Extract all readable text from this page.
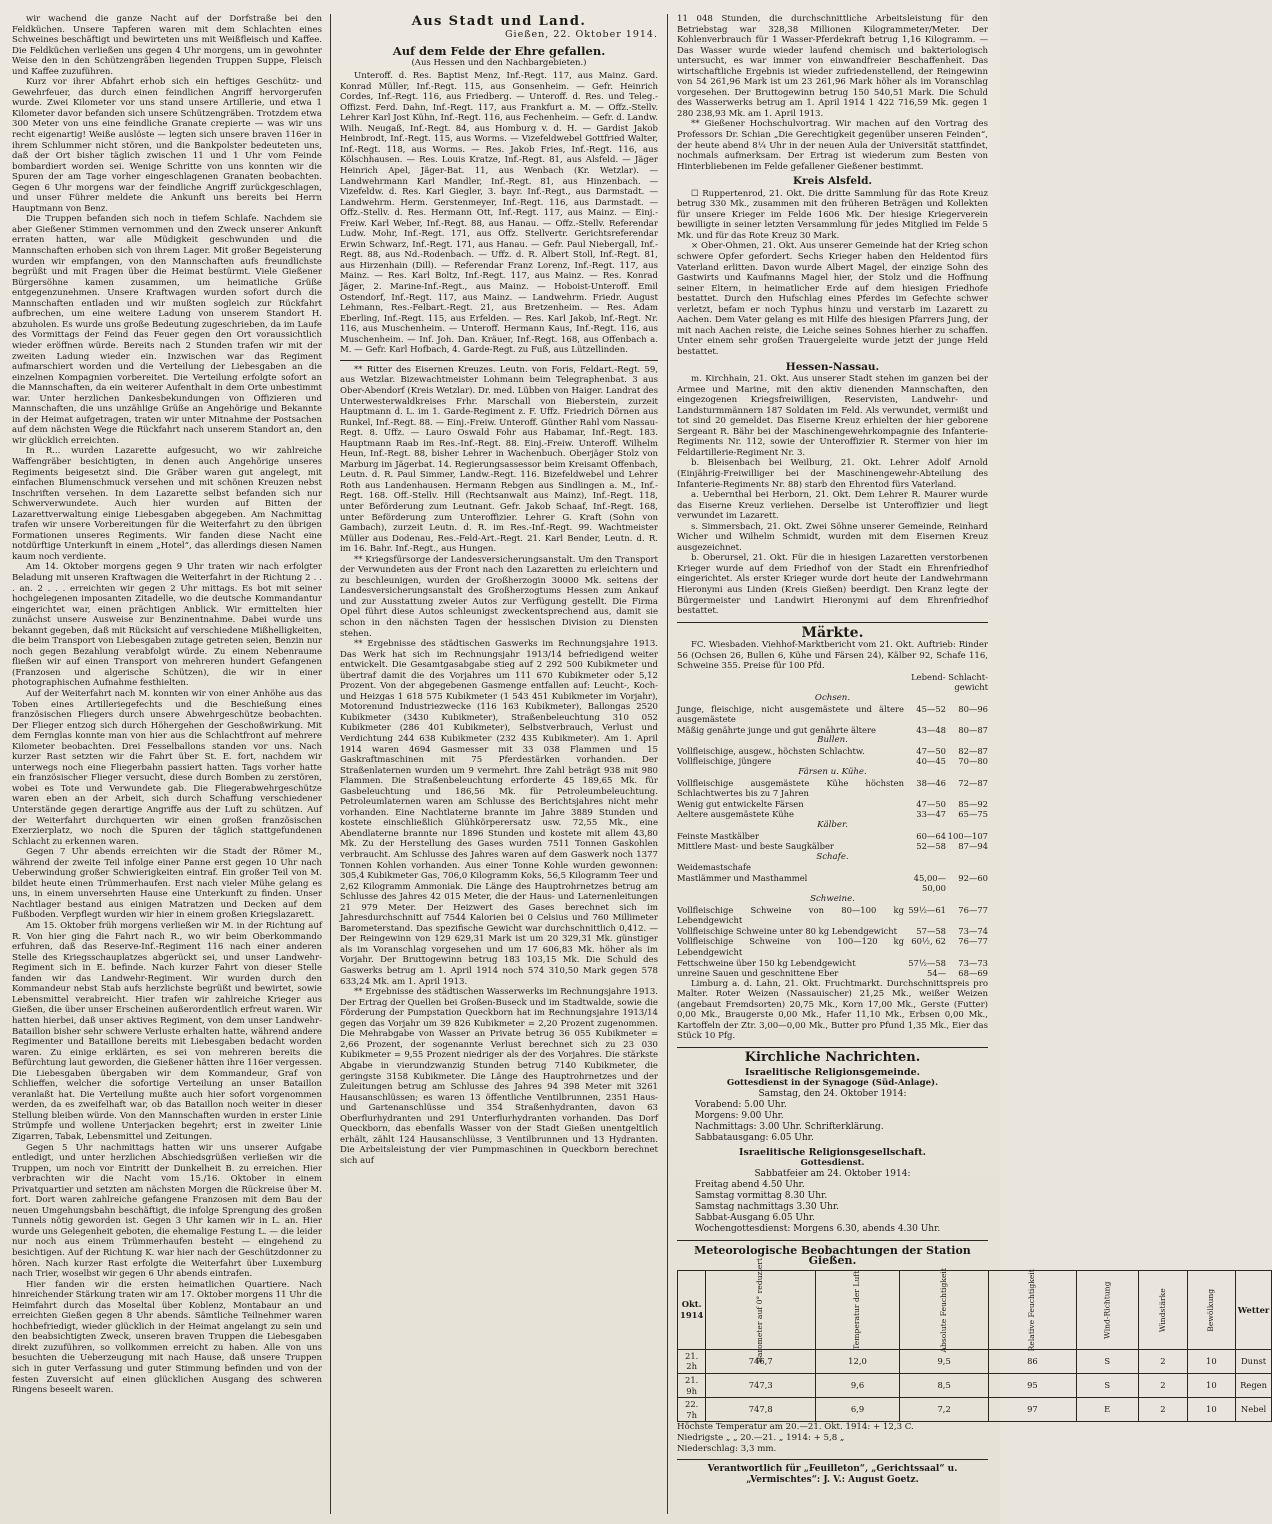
wir wachend die ganze Nacht auf der Dorfstraße bei den Feldküchen. Unsere Tapferen waren mit dem Schlachten eines Schweines beschäftigt und bewirteten uns mit Weißfleisch und Kaffee. Die Feldküchen verließen uns gegen 4 Uhr morgens, um in gewohnter Weise den in den Schützengräben liegenden Truppen Suppe, Fleisch und Kaffee zuzuführen.

Kurz vor ihrer Abfahrt erhob sich ein heftiges Geschütz- und Gewehrfeuer, das durch einen feindlichen Angriff hervorgerufen wurde. Zwei Kilometer vor uns stand unsere Artillerie, und etwa 1 Kilometer davor befanden sich unsere Schützengräben. Trotzdem etwa 300 Meter von uns eine feindliche Granate crepierte — was wir uns recht eigenartig! Weiße auslöste — legten sich unsere braven 116er in ihrem Schlummer nicht stören, und die Bankpolster bedeuteten uns, daß der Ort bisher täglich zwischen 11 und 1 Uhr vom Feinde bombardiert worden sei. Wenige Schritte von uns konnten wir die Spuren der am Tage vorher eingeschlagenen Granaten beobachten. Gegen 6 Uhr morgens war der feindliche Angriff zurückgeschlagen, und unser Führer meldete die Ankunft uns bereits bei Herrn Hauptmann von Benz.

Die Truppen befanden sich noch in tiefem Schlafe. Nachdem sie aber Gießener Stimmen vernommen und den Zweck unserer Ankunft erraten hatten, war alle Müdigkeit geschwunden und die Mannschaften erhoben sich von ihrem Lager. Mit großer Begeisterung wurden wir empfangen, von den Mannschaften aufs freundlichste begrüßt und mit Fragen über die Heimat bestürmt. Viele Gießener Bürgersöhne kamen zusammen, um heimatliche Grüße entgegenzunehmen. Unsere Kraftwagen wurden sofort durch die Mannschaften entladen und wir mußten sogleich zur Rückfahrt aufbrechen, um eine weitere Ladung von unserem Standort H. abzuholen. Es wurde uns große Bedeutung zugeschrieben, da im Laufe des Vormittags der Feind das Feuer gegen den Ort voraussichtlich wieder eröffnen würde. Bereits nach 2 Stunden trafen wir mit der zweiten Ladung wieder ein. Inzwischen war das Regiment aufmarschiert worden und die Verteilung der Liebesgaben an die einzelnen Kompagnien vorbereitet. Die Verteilung erfolgte sofort an die Mannschaften, da ein weiterer Aufenthalt in dem Orte unbestimmt war. Unter herzlichen Dankesbekundungen von Offizieren und Mannschaften, die uns unzählige Grüße an Angehörige und Bekannte in der Heimat aufgetragen, traten wir unter Mitnahme der Postsachen auf dem nächsten Wege die Rückfahrt nach unserem Standort an, den wir glücklich erreichten.

In R... wurden Lazarette aufgesucht, wo wir zahlreiche Waffengräber besichtigten, in denen auch Angehörige unseres Regiments beigesetzt sind. Die Gräber waren gut angelegt, mit einfachen Blumenschmuck versehen und mit schönen Kreuzen nebst Inschriften versehen. In dem Lazarette selbst befanden sich nur Schwerverwundete. Auch hier wurden auf Bitten der Lazarettverwaltung einige Liebesgaben abgegeben. Am Nachmittag trafen wir unsere Vorbereitungen für die Weiterfahrt zu den übrigen Formationen unseres Regiments. Wir fanden diese Nacht eine notdürftige Unterkunft in einem „Hotel“, das allerdings diesen Namen kaum noch verdiente.

Am 14. Oktober morgens gegen 9 Uhr traten wir nach erfolgter Beladung mit unseren Kraftwagen die Weiterfahrt in der Richtung 2 . . . an. 2 . . . erreichten wir gegen 2 Uhr mittags. Es bot mit seiner hochgelegenen imposanten Zitadelle, wo die deutsche Kommandantur eingerichtet war, einen prächtigen Anblick. Wir ermittelten hier zunächst unsere Ausweise zur Benzinentnahme. Dabei wurde uns bekannt gegeben, daß mit Rücksicht auf verschiedene Mißhelligkeiten, die beim Transport von Liebesgaben zutage getreten seien, Benzin nur noch gegen Bezahlung verabfolgt würde. Zu einem Nebenraume fließen wir auf einen Transport von mehreren hundert Gefangenen (Franzosen und algerische Schützen), die wir in einer photographischen Aufnahme festhielten.

Auf der Weiterfahrt nach M. konnten wir von einer Anhöhe aus das Toben eines Artilleriegefechts und die Beschießung eines französischen Fliegers durch unsere Abwehrgeschütze beobachten. Der Flieger entzog sich durch Höhergehen der Geschoßwirkung. Mit dem Fernglas konnte man von hier aus die Schlachtfront auf mehrere Kilometer beobachten. Drei Fesselballons standen vor uns. Nach kurzer Rast setzten wir die Fahrt über St. E. fort, nachdem wir unterwegs noch eine Fliegerbahn passiert hatten. Tags vorher hatte ein französischer Flieger versucht, diese durch Bomben zu zerstören, wobei es Tote und Verwundete gab. Die Fliegerabwehrgeschütze waren eben an der Arbeit, sich durch Schaffung verschiedener Unterstände gegen derartige Angriffe aus der Luft zu schützen. Auf der Weiterfahrt durchquerten wir einen großen französischen Exerzierplatz, wo noch die Spuren der täglich stattgefundenen Schlacht zu erkennen waren.

Gegen 7 Uhr abends erreichten wir die Stadt der Römer M., während der zweite Teil infolge einer Panne erst gegen 10 Uhr nach Ueberwindung großer Schwierigkeiten eintraf. Ein großer Teil von M. bildet heute einen Trümmerhaufen. Erst nach vieler Mühe gelang es uns, in einem unversehrten Hause eine Unterkunft zu finden. Unser Nachtlager bestand aus einigen Matratzen und Decken auf dem Fußboden. Verpflegt wurden wir hier in einem großen Kriegslazarett.

Am 15. Oktober früh morgens verließen wir M. in der Richtung auf R. Von hier ging die Fahrt nach R., wo wir beim Oberkommando erfuhren, daß das Reserve-Inf.-Regiment 116 nach einer anderen Stelle des Kriegsschauplatzes abgerückt sei, und unser Landwehr-Regiment sich in E. befinde. Nach kurzer Fahrt von dieser Stelle fanden wir das Landwehr-Regiment. Wir wurden durch den Kommandeur nebst Stab aufs herzlichste begrüßt und bewirtet, sowie Lebensmittel verabreicht. Hier trafen wir zahlreiche Krieger aus Gießen, die über unser Erscheinen außerordentlich erfreut waren. Wir hatten hierbei, daß unser aktives Regiment, von dem unser Landwehr-Bataillon bisher sehr schwere Verluste erhalten hatte, während andere Regimenter und Bataillone bereits mit Liebesgaben bedacht worden waren. Zu einige erklärten, es sei von mehreren bereits die Befürchtung laut geworden, die Gießener hätten ihre 116er vergessen. Die Liebesgaben übergaben wir dem Kommandeur, Graf von Schlieffen, welcher die sofortige Verteilung an unser Bataillon veranlaßt hat. Die Verteilung mußte auch hier sofort vorgenommen werden, da es zweifelhaft war, ob das Bataillon noch weiter in dieser Stellung bleiben würde. Von den Mannschaften wurden in erster Linie Strümpfe und wollene Unterjacken begehrt; erst in zweiter Linie Zigarren, Tabak, Lebensmittel und Zeitungen.

Gegen 5 Uhr nachmittags hatten wir uns unserer Aufgabe entledigt, und unter herzlichen Abschiedsgrüßen verließen wir die Truppen, um noch vor Eintritt der Dunkelheit B. zu erreichen. Hier verbrachten wir die Nacht vom 15./16. Oktober in einem Privatquartier und setzten am nächsten Morgen die Rückreise über M. fort. Dort waren zahlreiche gefangene Franzosen mit dem Bau der neuen Umgehungsbahn beschäftigt, die infolge Sprengung des großen Tunnels nötig geworden ist. Gegen 3 Uhr kamen wir in L. an. Hier wurde uns Gelegenheit geboten, die ehemalige Festung L. — die leider nur noch aus einem Trümmerhaufen besteht — eingehend zu besichtigen. Auf der Richtung K. war hier nach der Geschützdonner zu hören. Nach kurzer Rast erfolgte die Weiterfahrt über Luxemburg nach Trier, woselbst wir gegen 6 Uhr abends eintrafen.

Hier fanden wir die ersten heimatlichen Quartiere. Nach hinreichender Stärkung traten wir am 17. Oktober morgens 11 Uhr die Heimfahrt durch das Moseltal über Koblenz, Montabaur an und erreichten Gießen gegen 8 Uhr abends. Sämtliche Teilnehmer waren hochbefriedigt, wieder glücklich in der Heimat angelangt zu sein und den beabsichtigten Zweck, unseren braven Truppen die Liebesgaben direkt zuzuführen, so vollkommen erreicht zu haben. Alle von uns besuchten die Ueberzeugung mit nach Hause, daß unsere Truppen sich in guter Verfassung und guter Stimmung befinden und von der festen Zuversicht auf einen glücklichen Ausgang des schweren Ringens beseelt waren.

Aus Stadt und Land.
Gießen, 22. Oktober 1914.
Auf dem Felde der Ehre gefallen.
(Aus Hessen und den Nachbargebieten.)

Unteroff. d. Res. Baptist Menz, Inf.-Regt. 117, aus Mainz. Gard. Konrad Müller, Inf.-Regt. 115, aus Gonsenheim. — Gefr. Heinrich Cordes, Inf.-Regt. 116, aus Friedberg. — Unteroff. d. Res. und Teleg.-Offizst. Ferd. Dahn, Inf.-Regt. 117, aus Frankfurt a. M. — Offz.-Stellv. Lehrer Karl Jost Kühn, Inf.-Regt. 116, aus Fechenheim. — Gefr. d. Landw. Wilh. Neugaß, Inf.-Regt. 84, aus Homburg v. d. H. — Gardist Jakob Heinbrodt, Inf.-Regt. 115, aus Worms. — Vizefeldwebel Gottfried Walter, Inf.-Regt. 118, aus Worms. — Res. Jakob Fries, Inf.-Regt. 116, aus Kölschhausen. — Res. Louis Kratze, Inf.-Regt. 81, aus Alsfeld. — Jäger Heinrich Apel, Jäger-Bat. 11, aus Wenbach (Kr. Wetzlar). — Landwehrmann Karl Mandler, Inf.-Regt. 81, aus Hinzenbach. — Vizefeldw. d. Res. Karl Giegler, 3. bayr. Inf.-Regt., aus Darmstadt. — Landwehrm. Herm. Gerstenmeyer, Inf.-Regt. 116, aus Darmstadt. — Offz.-Stellv. d. Res. Hermann Ott, Inf.-Regt. 117, aus Mainz. — Einj.-Freiw. Karl Weber, Inf.-Regt. 88, aus Hanau. — Offz.-Stellv. Referendar Ludw. Mohr, Inf.-Regt. 171, aus Offz. Stellvertr. Gerichtsreferendar Erwin Schwarz, Inf.-Regt. 171, aus Hanau. — Gefr. Paul Niebergall, Inf.-Regt. 88, aus Nd.-Rodenbach. — Uffz. d. R. Albert Stoll, Inf.-Regt. 81, aus Hirzenhain (Dill). — Referendar Franz Lorenz, Inf.-Regt. 117, aus Mainz. — Res. Karl Boltz, Inf.-Regt. 117, aus Mainz. — Res. Konrad Jäger, 2. Marine-Inf.-Regt., aus Mainz. — Hoboist-Unteroff. Emil Ostendorf, Inf.-Regt. 117, aus Mainz. — Landwehrm. Friedr. August Lehmann, Res.-Felbart.-Regt. 21, aus Bretzenheim. — Res. Adam Eberling, Inf.-Regt. 115, aus Erfelden. — Res. Karl Jakob, Inf.-Regt. Nr. 116, aus Muschenheim. — Unteroff. Hermann Kaus, Inf.-Regt. 116, aus Muschenheim. — Inf. Joh. Dan. Kräuer, Inf.-Regt. 168, aus Offenbach a. M. — Gefr. Karl Hofbach, 4. Garde-Regt. zu Fuß, aus Lützellinden.

** Ritter des Eisernen Kreuzes. Leutn. von Foris, Feldart.-Regt. 59, aus Wetzlar. Bizewachtmeister Lohmann beim Telegraphenbat. 3 aus Ober-Abendorf (Kreis Wetzlar). Dr. med. Lübben von Haiger. Landrat des Unterwesterwaldkreises Frhr. Marschall von Bieberstein, zurzeit Hauptmann d. L. im 1. Garde-Regiment z. F. Uffz. Friedrich Dörnen aus Runkel, Inf.-Regt. 88. — Einj.-Freiw. Unteroff. Günther Rahl vom Nassau-Regt. 8. Uffz. — Lauro Oswald Fohr aus Habamar, Inf.-Regt. 183. Hauptmann Raab im Res.-Inf.-Regt. 88. Einj.-Freiw. Unteroff. Wilhelm Heun, Inf.-Regt. 88, bisher Lehrer in Wachenbuch. Oberjäger Stolz von Marburg im Jägerbat. 14. Regierungsassessor beim Kreisamt Offenbach, Leutn. d. R. Paul Simmer, Landw.-Regt. 116. Bizefeldwebel und Lehrer Roth aus Landenhausen. Hermann Rebgen aus Sindlingen a. M., Inf.-Regt. 168. Off.-Stellv. Hill (Rechtsanwalt aus Mainz), Inf.-Regt. 118, unter Beförderung zum Leutnant. Gefr. Jakob Schaaf, Inf.-Regt. 168, unter Beförderung zum Unteroffizier. Lehrer G. Kraft (Sohn von Gambach), zurzeit Leutn. d. R. im Res.-Inf.-Regt. 99. Wachtmeister Müller aus Dodenau, Res.-Feld-Art.-Regt. 21. Karl Bender, Leutn. d. R. im 16. Bahr. Inf.-Regt., aus Hungen.

** Kriegsfürsorge der Landesversicherungsanstalt. Um den Transport der Verwundeten aus der Front nach den Lazaretten zu erleichtern und zu beschleunigen, wurden der Großherzogin 30000 Mk. seitens der Landesversicherungsanstalt des Großherzogtums Hessen zum Ankauf und zur Ausstattung zweier Autos zur Verfügung gestellt. Die Firma Opel führt diese Autos schleunigst zweckentsprechend aus, damit sie schon in den nächsten Tagen der hessischen Division zu Diensten stehen.

** Ergebnisse des städtischen Gaswerks im Rechnungsjahre 1913. Das Werk hat sich im Rechnungsjahr 1913/14 befriedigend weiter entwickelt. Die Gesamtgasabgabe stieg auf 2 292 500 Kubikmeter und übertraf damit die des Vorjahres um 111 670 Kubikmeter oder 5,12 Prozent. Von der abgegebenen Gasmenge entfallen auf: Leucht-, Koch- und Heizgas 1 618 575 Kubikmeter (1 543 451 Kubikmeter im Vorjahr), Motorenund Industriezwecke (116 163 Kubikmeter), Ballongas 2520 Kubikmeter (3430 Kubikmeter), Straßenbeleuchtung 310 052 Kubikmeter (286 401 Kubikmeter), Selbstverbrauch, Verlust und Verdichtung 244 638 Kubikmeter (232 435 Kubikmeter). Am 1. April 1914 waren 4694 Gasmesser mit 33 038 Flammen und 15 Gaskraftmaschinen mit 75 Pferdestärken vorhanden. Der Straßenlaternen wurden um 9 vermehrt. Ihre Zahl beträgt 938 mit 980 Flammen. Die Straßenbeleuchtung erforderte 45 189,65 Mk. für Gasbeleuchtung und 186,56 Mk. für Petroleumbeleuchtung. Petroleumlaternen waren am Schlusse des Berichtsjahres nicht mehr vorhanden. Eine Nachtlaterne brannte im Jahre 3889 Stunden und kostete einschließlich Glühkörperersatz usw. 72,55 Mk., eine Abendlaterne brannte nur 1896 Stunden und kostete mit allem 43,80 Mk. Zu der Herstellung des Gases wurden 7511 Tonnen Gaskohlen verbraucht. Am Schlusse des Jahres waren auf dem Gaswerk noch 1377 Tonnen Kohlen vorhanden. Aus einer Tonne Kohle wurden gewonnen: 305,4 Kubikmeter Gas, 706,0 Kilogramm Koks, 56,5 Kilogramm Teer und 2,62 Kilogramm Ammoniak. Die Länge des Hauptrohrnetzes betrug am Schlusse des Jahres 42 015 Meter, die der Haus- und Laternenleitungen 21 979 Meter. Der Heizwert des Gases berechnet sich im Jahresdurchschnitt auf 7544 Kalorien bei 0 Celsius und 760 Millimeter Barometerstand. Das spezifische Gewicht war durchschnittlich 0,412. — Der Reingewinn von 129 629,31 Mark ist um 20 329,31 Mk. günstiger als im Voranschlag vorgesehen und um 17 606,83 Mk. höher als im Vorjahr. Der Bruttogewinn betrug 183 103,15 Mk. Die Schuld des Gaswerks betrug am 1. April 1914 noch 574 310,50 Mark gegen 578 633,24 Mk. am 1. April 1913.

** Ergebnisse des städtischen Wasserwerks im Rechnungsjahre 1913. Der Ertrag der Quellen bei Großen-Buseck und im Stadtwalde, sowie die Förderung der Pumpstation Queckborn hat im Rechnungsjahre 1913/14 gegen das Vorjahr um 39 826 Kubikmeter = 2,20 Prozent zugenommen. Die Mehrabgabe von Wasser an Private betrug 36 055 Kubikmeter = 2,66 Prozent, der sogenannte Verlust berechnet sich zu 23 030 Kubikmeter = 9,55 Prozent niedriger als der des Vorjahres. Die stärkste Abgabe in vierundzwanzig Stunden betrug 7140 Kubikmeter, die geringste 3158 Kubikmeter. Die Länge des Hauptrohrnetzes und der Zuleitungen betrug am Schlusse des Jahres 94 398 Meter mit 3261 Hausanschlüssen; es waren 13 öffentliche Ventilbrunnen, 2351 Haus- und Gartenanschlüsse und 354 Straßenhydranten, davon 63 Oberflurhydranten und 291 Unterflurhydranten vorhanden. Das Dorf Queckborn, das ebenfalls Wasser von der Stadt Gießen unentgeltlich erhält, zählt 124 Hausanschlüsse, 3 Ventilbrunnen und 13 Hydranten. Die Arbeitsleistung der vier Pumpmaschinen in Queckborn berechnet sich auf

11 048 Stunden, die durchschnittliche Arbeitsleistung für den Betriebstag war 328,38 Millionen Kilogrammeter/Meter. Der Kohlenverbrauch für 1 Wasser-Pferdekraft betrug 1,16 Kilogramm. — Das Wasser wurde wieder laufend chemisch und bakteriologisch untersucht, es war immer von einwandfreier Beschaffenheit. Das wirtschaftliche Ergebnis ist wieder zufriedenstellend, der Reingewinn von 54 261,96 Mark ist um 23 261,96 Mark höher als im Voranschlag vorgesehen. Der Bruttogewinn betrug 150 540,51 Mark. Die Schuld des Wasserwerks betrug am 1. April 1914 1 422 716,59 Mk. gegen 1 280 238,93 Mk. am 1. April 1913.

** Gießener Hochschulvortrag. Wir machen auf den Vortrag des Professors Dr. Schian „Die Gerechtigkeit gegenüber unseren Feinden“, der heute abend 8¼ Uhr in der neuen Aula der Universität stattfindet, nochmals aufmerksam. Der Ertrag ist wiederum zum Besten von Hinterbliebenen im Felde gefallener Gießener bestimmt.

Kreis Alsfeld.

☐ Ruppertenrod, 21. Okt. Die dritte Sammlung für das Rote Kreuz betrug 330 Mk., zusammen mit den früheren Beträgen und Kollekten für unsere Krieger im Felde 1606 Mk. Der hiesige Kriegerverein bewilligte in seiner letzten Versammlung für jedes Mitglied im Felde 5 Mk. und für das Rote Kreuz 30 Mark.

× Ober-Ohmen, 21. Okt. Aus unserer Gemeinde hat der Krieg schon schwere Opfer gefordert. Sechs Krieger haben den Heldentod fürs Vaterland erlitten. Davon wurde Albert Magel, der einzige Sohn des Gastwirts und Kaufmanns Magel hier, der Stolz und die Hoffnung seiner Eltern, in heimatlicher Erde auf dem hiesigen Friedhofe bestattet. Durch den Hufschlag eines Pferdes im Gefechte schwer verletzt, befam er noch Typhus hinzu und verstarb im Lazarett zu Aachen. Dem Vater gelang es mit Hilfe des hiesigen Pfarrers Jung, der mit nach Aachen reiste, die Leiche seines Sohnes hierher zu schaffen. Unter einem sehr großen Trauergeleite wurde jetzt der junge Held bestattet.

Hessen-Nassau.

m. Kirchhain, 21. Okt. Aus unserer Stadt stehen im ganzen bei der Armee und Marine, mit den aktiv dienenden Mannschaften, den eingezogenen Kriegsfreiwilligen, Reservisten, Landwehr- und Landsturmmännern 187 Soldaten im Feld. Als verwundet, vermißt und tot sind 20 gemeldet. Das Eiserne Kreuz erhielten der hier geborene Sergeant R. Bähr bei der Maschinengewehrkompagnie des Infanterie-Regiments Nr. 112, sowie der Unteroffizier R. Stermer von hier im Feldartillerie-Regiment Nr. 3.

b. Bleisenbach bei Weilburg, 21. Okt. Lehrer Adolf Arnold (Einjährig-Freiwilliger bei der Maschinengewehr-Abteilung des Infanterie-Regiments Nr. 88) starb den Ehrentod fürs Vaterland.

a. Uebernthal bei Herborn, 21. Okt. Dem Lehrer R. Maurer wurde das Eiserne Kreuz verliehen. Derselbe ist Unteroffizier und liegt verwundet im Lazarett.

s. Simmersbach, 21. Okt. Zwei Söhne unserer Gemeinde, Reinhard Wicher und Wilhelm Schmidt, wurden mit dem Eisernen Kreuz ausgezeichnet.

b. Oberursel, 21. Okt. Für die in hiesigen Lazaretten verstorbenen Krieger wurde auf dem Friedhof von der Stadt ein Ehrenfriedhof eingerichtet. Als erster Krieger wurde dort heute der Landwehrmann Hieronymi aus Linden (Kreis Gießen) beerdigt. Den Kranz legte der Bürgermeister und Landwirt Hieronymi auf dem Ehrenfriedhof bestattet.

Märkte.

FC. Wiesbaden. Viehhof-Marktbericht vom 21. Okt. Auftrieb: Rinder 56 (Ochsen 26, Bullen 6, Kühe und Färsen 24), Kälber 92, Schafe 116, Schweine 355. Preise für 100 Pfd.

Lebend- Schlacht- gewicht
Ochsen.
Junge, fleischige, nicht ausgemästete und ältere ausgemästete
45—52	80—96
Mäßig genährte junge und gut genährte ältere	43—48	80—87
Bullen.
Vollfleischige, ausgew., höchsten Schlachtw.	47—50	82—87
Vollfleischige, jüngere	40—45	70—80
Färsen u. Kühe.
Vollfleischige ausgemästete Kühe höchsten Schlachtwertes bis zu 7 Jahren
38—46	72—87
Wenig gut entwickelte Färsen	47—50	85—92
Aeltere ausgemästete Kühe	33—47	65—75
Kälber.
Feinste Mastkälber	60—64 100—107
Mittlere Mast- und beste Saugkälber	52—58	87—94
Schafe.
Weidemastschafe
Mastlämmer und Masthammel	45,00—50,00
92—60
Schweine.
Vollfleischige Schweine von 80—100 kg Lebendgewicht
59½—61	76—77
Vollfleischige Schweine unter 80 kg Lebendgewicht	57—58	73—74
Vollfleischige Schweine von 100—120 kg Lebendgewicht
60½, 62	76—77
Fettschweine über 150 kg Lebendgewicht	57½—58	73—73
unreine Sauen und geschnittene Eber	54—	68—69

Limburg a. d. Lahn, 21. Okt. Fruchtmarkt. Durchschnittspreis pro Malter. Roter Weizen (Nassauischer) 21,25 Mk., weißer Weizen (angebaut Fremdsorten) 20,75 Mk., Korn 17,00 Mk., Gerste (Futter) 0,00 Mk., Braugerste 0,00 Mk., Hafer 11,10 Mk., Erbsen 0,00 Mk., Kartoffeln der Ztr. 3,00—0,00 Mk., Butter pro Pfund 1,35 Mk., Eier das Stück 10 Pfg.

Kirchliche Nachrichten.
Israelitische Religionsgemeinde.
Gottesdienst in der Synagoge (Süd-Anlage).
Samstag, den 24. Oktober 1914:
Vorabend: 5.00 Uhr.
Morgens: 9.00 Uhr.
Nachmittags: 3.00 Uhr. Schrifterklärung.
Sabbatausgang: 6.05 Uhr.
Israelitische Religionsgesellschaft.
Gottesdienst.
Sabbatfeier am 24. Oktober 1914:
Freitag abend 4.50 Uhr.
Samstag vormittag 8.30 Uhr.
Samstag nachmittags 3.30 Uhr.
Sabbat-Ausgang 6.05 Uhr.
Wochengottesdienst: Morgens 6.30, abends 4.30 Uhr.
Meteorologische Beobachtungen der Station Gießen.
Okt. 1914	Barometer auf 0° reduziert	Temperatur der Luft	Absolute Feuchtigkeit	Relative Feuchtigkeit	Wind-Richtung	Windstärke	Bewölkung	Wetter
21. 2h	746,7	12,0	9,5	86	S	2	10	Dunst
21. 9h	747,3	9,6	8,5	95	S	2	10	Regen
22. 7h	747,8	6,9	7,2	97	E	2	10	Nebel
Höchste Temperatur am 20.—21. Okt. 1914: + 12,3 C.
Niedrigste „ „ 20.—21. „ 1914: + 5,8 „
Niederschlag: 3,3 mm.
Verantwortlich für „Feuilleton“, „Gerichtssaal“ u. „Vermischtes“: J. V.: August Goetz.
